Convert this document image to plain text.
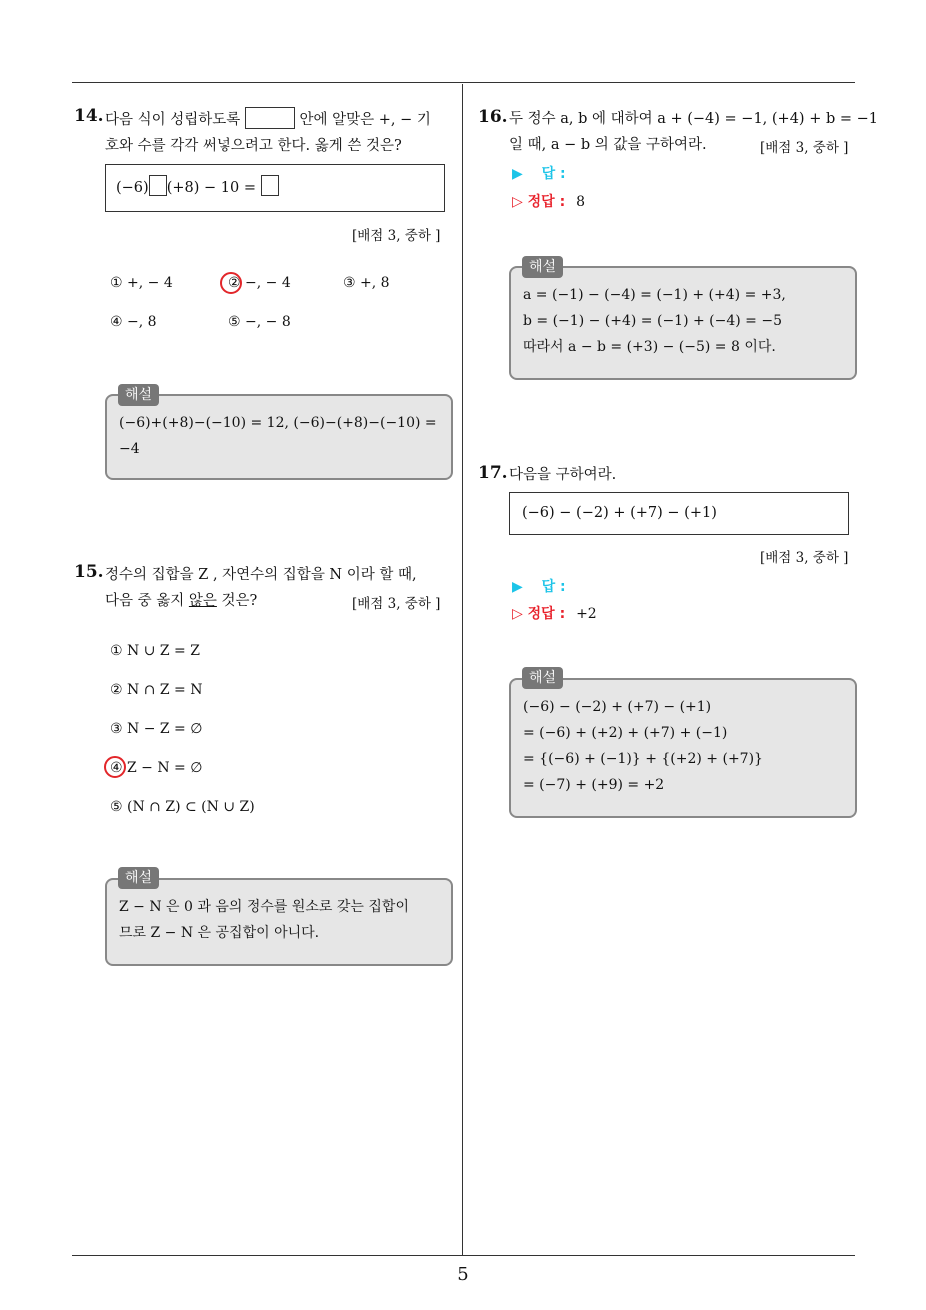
14. 다음 식이 성립하도록	안에 알맞은 +, − 기
호와 수를 각각 써넣으려고 한다. 옳게 쓴 것은?
(−6) (+8) − 10 =
[배점 3, 중하 ]
① +, − 4	② −, − 4	③ +, 8
④ −, 8	⑤ −, − 8
(−6)+(+8)−(−10) = 12, (−6)−(+8)−(−10) =
−4
해설
15. 정수의 집합을 Z , 자연수의 집합을 N 이라 할 때,
다음 중 옳지 않은 것은?	[배점 3, 중하 ]
① N ∪ Z = Z
② N ∩ Z = N
③ N − Z = ∅
④ Z − N = ∅
⑤ (N ∩ Z) ⊂ (N ∪ Z)
Z − N 은 0 과 음의 정수를 원소로 갖는 집합이
므로 Z − N 은 공집합이 아니다.
해설
16. 두 정수 a, b 에 대하여 a + (−4) = −1, (+4) + b = −1
일 때, a − b 의 값을 구하여라.	[배점 3, 중하 ]
▶ 답 :
▷ 정답 : 8
a = (−1) − (−4) = (−1) + (+4) = +3,
b = (−1) − (+4) = (−1) + (−4) = −5
따라서 a − b = (+3) − (−5) = 8 이다.
해설
17. 다음을 구하여라.
(−6) − (−2) + (+7) − (+1)
[배점 3, 중하 ]
▶ 답 :
▷ 정답 : +2
(−6) − (−2) + (+7) − (+1)
= (−6) + (+2) + (+7) + (−1)
= {(−6) + (−1)} + {(+2) + (+7)}
= (−7) + (+9) = +2
해설
5
